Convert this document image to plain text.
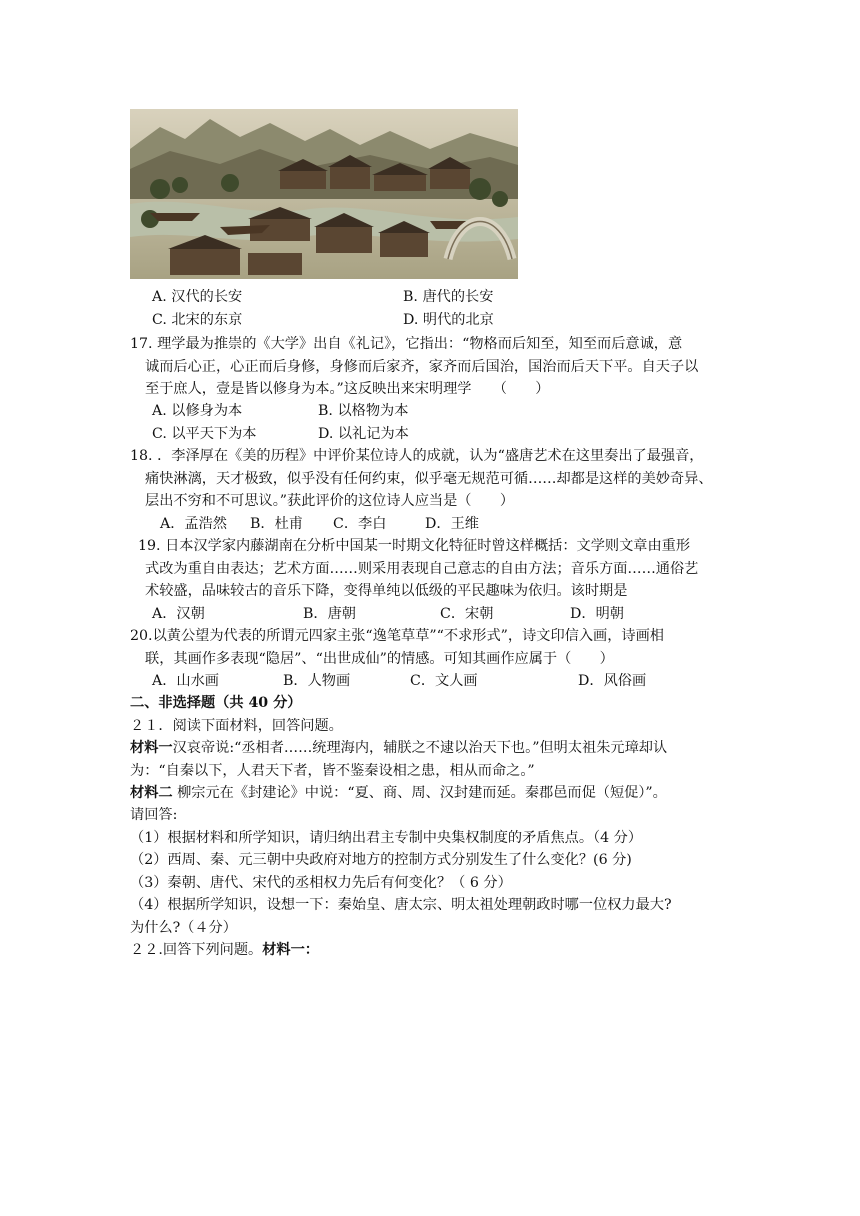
A. 汉代的长安	B. 唐代的长安
C. 北宋的东京	D. 明代的北京
17. 理学最为推崇的《大学》出自《礼记》，它指出：“物格而后知至，知至而后意诚，意
诚而后心正，心正而后身修，身修而后家齐，家齐而后国治，国治而后天下平。自天子以
至于庶人，壹是皆以修身为本。”这反映出来宋明理学　　（　　）
A. 以修身为本	B. 以格物为本
C. 以平天下为本	D. 以礼记为本
18. ．李泽厚在《美的历程》中评价某位诗人的成就，认为“盛唐艺术在这里奏出了最强音，
痛快淋漓，天才极致，似乎没有任何约束，似乎毫无规范可循……却都是这样的美妙奇异、
层出不穷和不可思议。”获此评价的这位诗人应当是（　　）
A．孟浩然 B．杜甫 C．李白	D．王维
19. 日本汉学家内藤湖南在分析中国某一时期文化特征时曾这样概括：文学则文章由重形
式改为重自由表达；艺术方面……则采用表现自己意志的自由方法；音乐方面……通俗艺
术较盛，品味较古的音乐下降，变得单纯以低级的平民趣味为依归。该时期是
A．汉朝	B．唐朝	C．宋朝	D．明朝
20.以黄公望为代表的所谓元四家主张“逸笔草草”“不求形式”，诗文印信入画，诗画相
联，其画作多表现“隐居”、“出世成仙”的情感。可知其画作应属于（　　）
A．山水画	B．人物画	C．文人画	D．风俗画
二、非选择题（共 40 分）
２１．阅读下面材料，回答问题。
材料一汉哀帝说:“丞相者……统理海内，辅朕之不逮以治天下也。”但明太祖朱元璋却认
为：“自秦以下，人君天下者，皆不鉴秦设相之患，相从而命之。”
材料二 柳宗元在《封建论》中说：“夏、商、周、汉封建而延。秦郡邑而促（短促）”。
请回答:
（1）根据材料和所学知识，请归纳出君主专制中央集权制度的矛盾焦点。（4 分）
（2）西周、秦、元三朝中央政府对地方的控制方式分别发生了什么变化？(6 分)
（3）秦朝、唐代、宋代的丞相权力先后有何变化？（ 6 分）
（4）根据所学知识，设想一下：秦始皇、唐太宗、明太祖处理朝政时哪一位权力最大?
为什么?（４分）
２２.回答下列问题。材料一：
